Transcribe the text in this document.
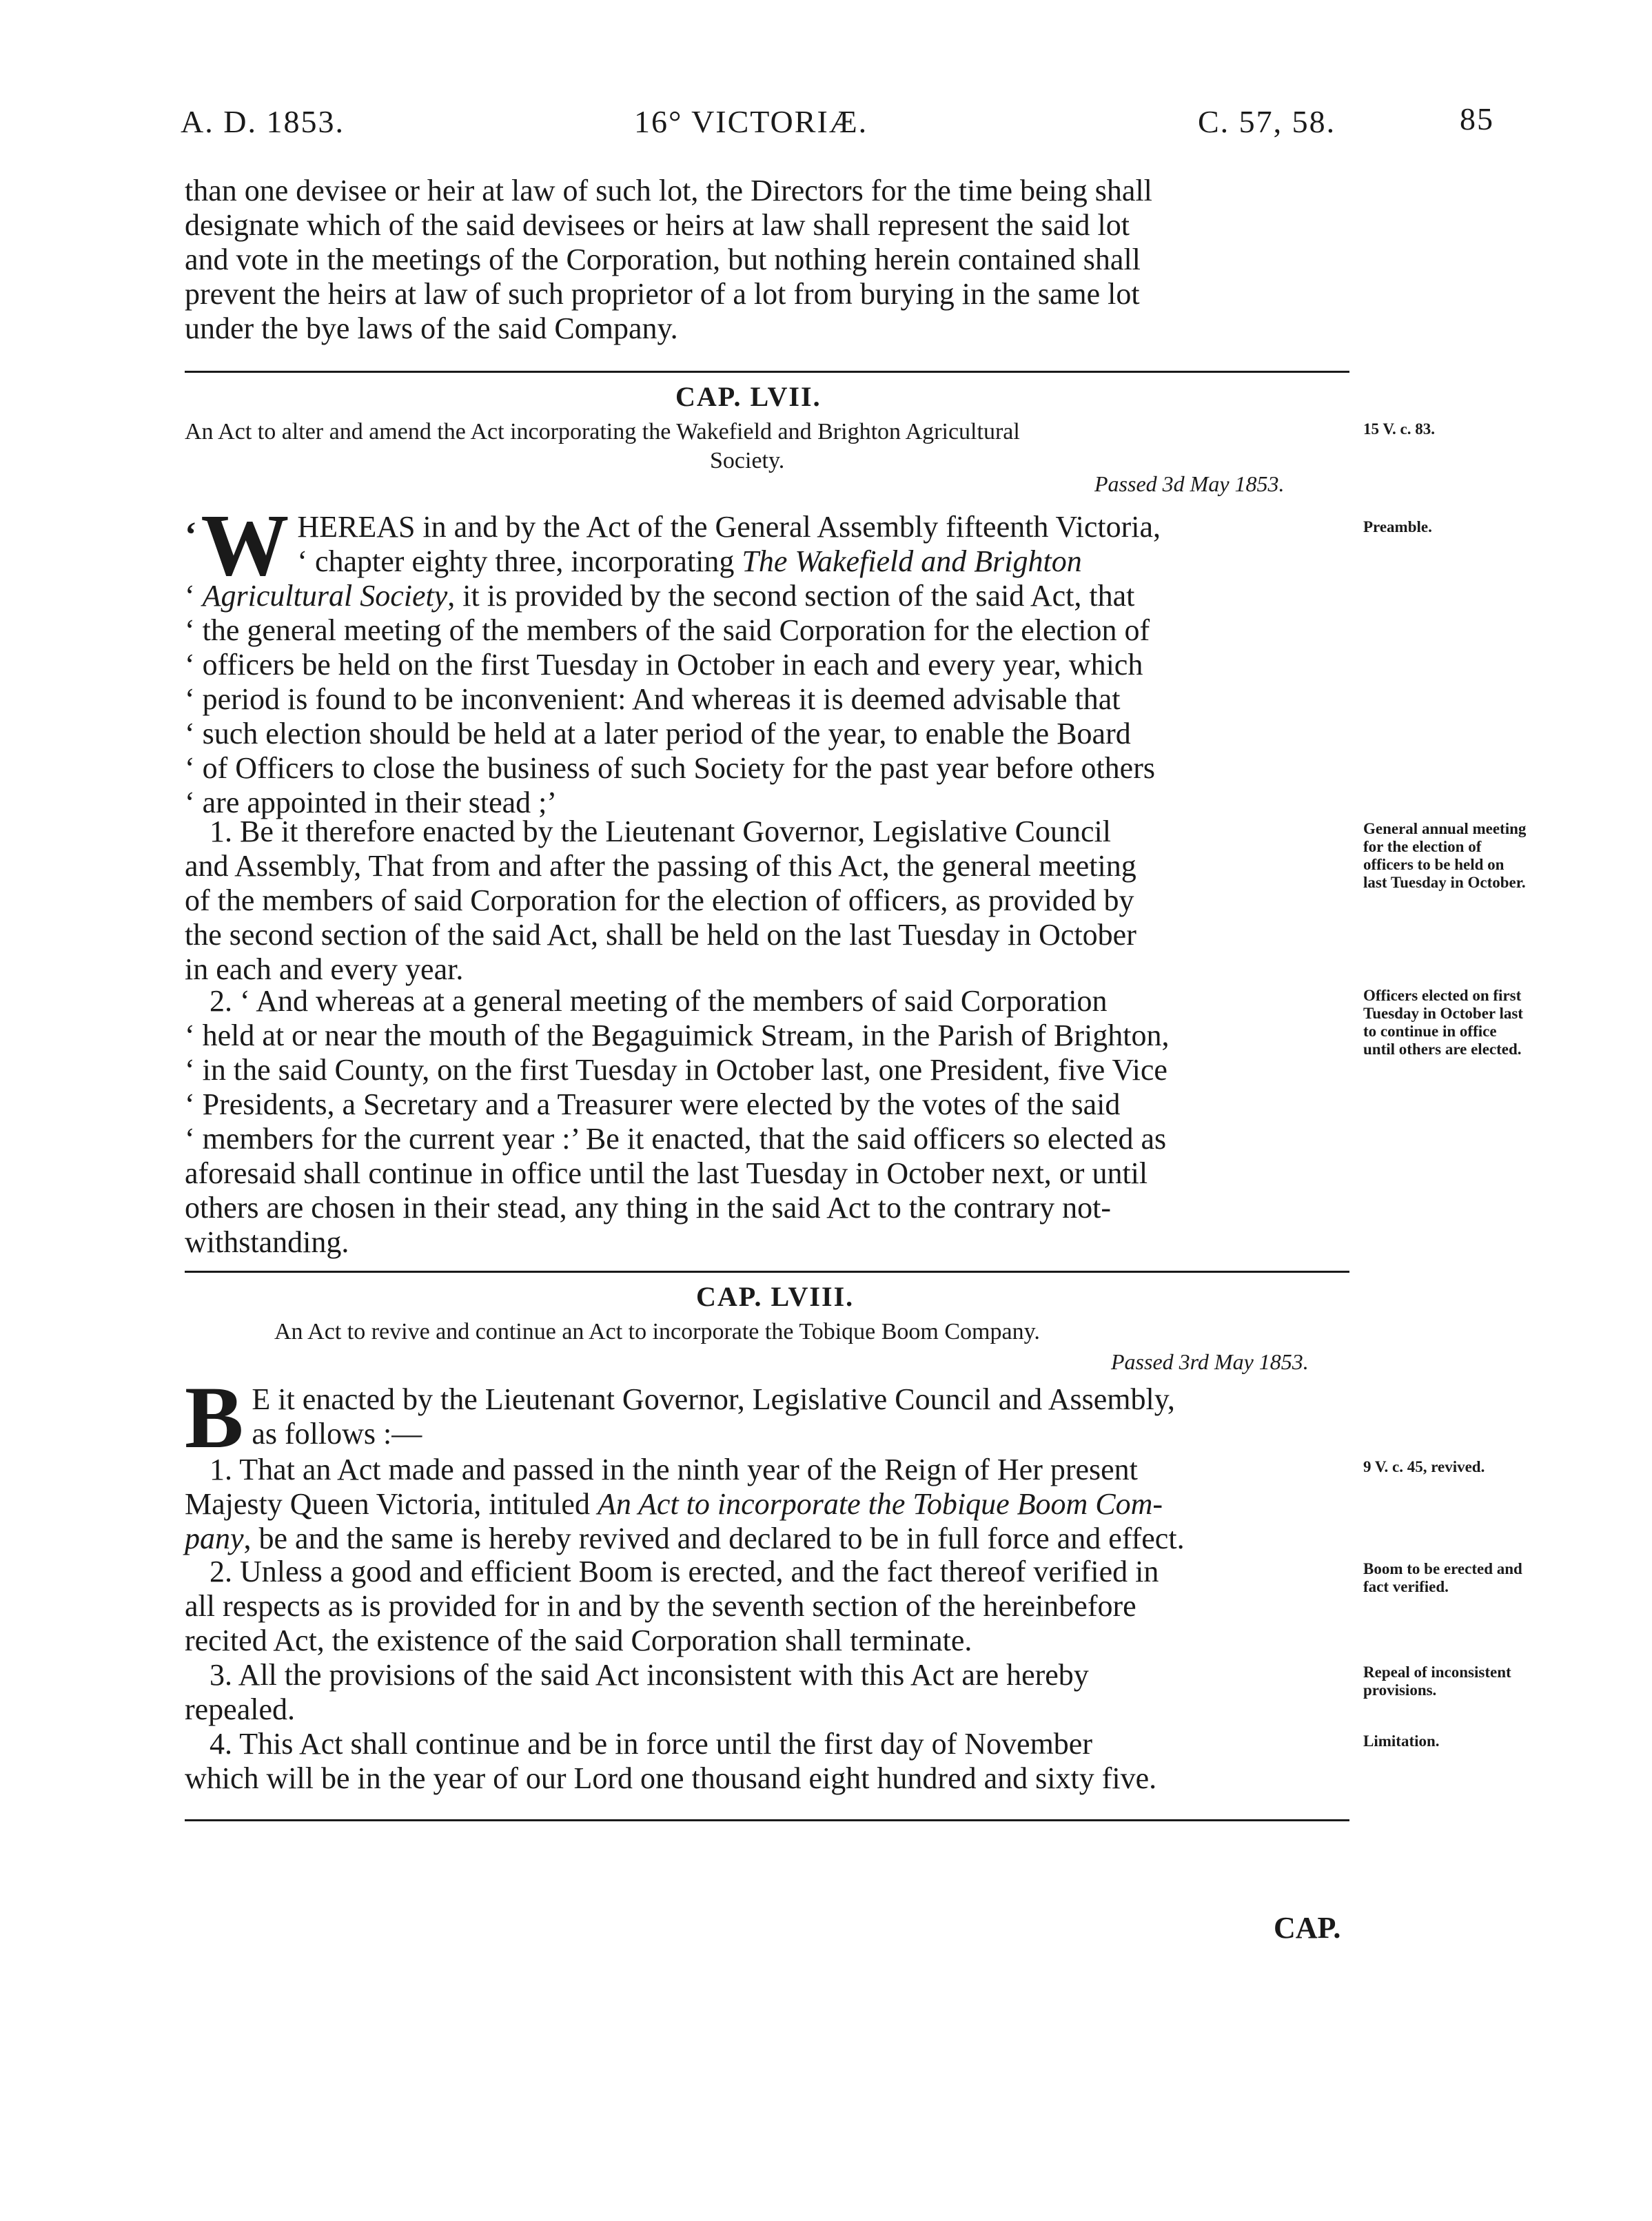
A. D. 1853.	16° VICTORIÆ.	C. 57, 58.	85

than one devisee or heir at law of such lot, the Directors for the time being shall

designate which of the said devisees or heirs at law shall represent the said lot

and vote in the meetings of the Corporation, but nothing herein contained shall

prevent the heirs at law of such proprietor of a lot from burying in the same lot

under the bye laws of the said Company.

CAP. LVII.
An Act to alter and amend the Act incorporating the Wakefield and Brighton Agricultural
Society.
Passed 3d May 1853.
15 V. c. 83.
‘ W HEREAS in and by the Act of the General Assembly fifteenth Victoria,

‘ chapter eighty three, incorporating The Wakefield and Brighton

‘ Agricultural Society, it is provided by the second section of the said Act, that

‘ the general meeting of the members of the said Corporation for the election of

‘ officers be held on the first Tuesday in October in each and every year, which

‘ period is found to be inconvenient: And whereas it is deemed advisable that

‘ such election should be held at a later period of the year, to enable the Board

‘ of Officers to close the business of such Society for the past year before others

‘ are appointed in their stead ;’

Preamble.

1. Be it therefore enacted by the Lieutenant Governor, Legislative Council

and Assembly, That from and after the passing of this Act, the general meeting

of the members of said Corporation for the election of officers, as provided by

the second section of the said Act, shall be held on the last Tuesday in October

in each and every year.

General annual meeting for the election of officers to be held on last Tuesday in October.

2. ‘ And whereas at a general meeting of the members of said Corporation

‘ held at or near the mouth of the Begaguimick Stream, in the Parish of Brighton,

‘ in the said County, on the first Tuesday in October last, one President, five Vice

‘ Presidents, a Secretary and a Treasurer were elected by the votes of the said

‘ members for the current year :’ Be it enacted, that the said officers so elected as

aforesaid shall continue in office until the last Tuesday in October next, or until

others are chosen in their stead, any thing in the said Act to the contrary not-

withstanding.

Officers elected on first Tuesday in October last to continue in office until others are elected.
CAP. LVIII.
An Act to revive and continue an Act to incorporate the Tobique Boom Company.
Passed 3rd May 1853.
B E it enacted by the Lieutenant Governor, Legislative Council and Assembly,

as follows :—

1. That an Act made and passed in the ninth year of the Reign of Her present

Majesty Queen Victoria, intituled An Act to incorporate the Tobique Boom Com-

pany, be and the same is hereby revived and declared to be in full force and effect.

9 V. c. 45, revived.

2. Unless a good and efficient Boom is erected, and the fact thereof verified in

all respects as is provided for in and by the seventh section of the hereinbefore

recited Act, the existence of the said Corporation shall terminate.

Boom to be erected and fact verified.

3. All the provisions of the said Act inconsistent with this Act are hereby

repealed.

Repeal of inconsistent provisions.

4. This Act shall continue and be in force until the first day of November

which will be in the year of our Lord one thousand eight hundred and sixty five.

Limitation.
CAP.
